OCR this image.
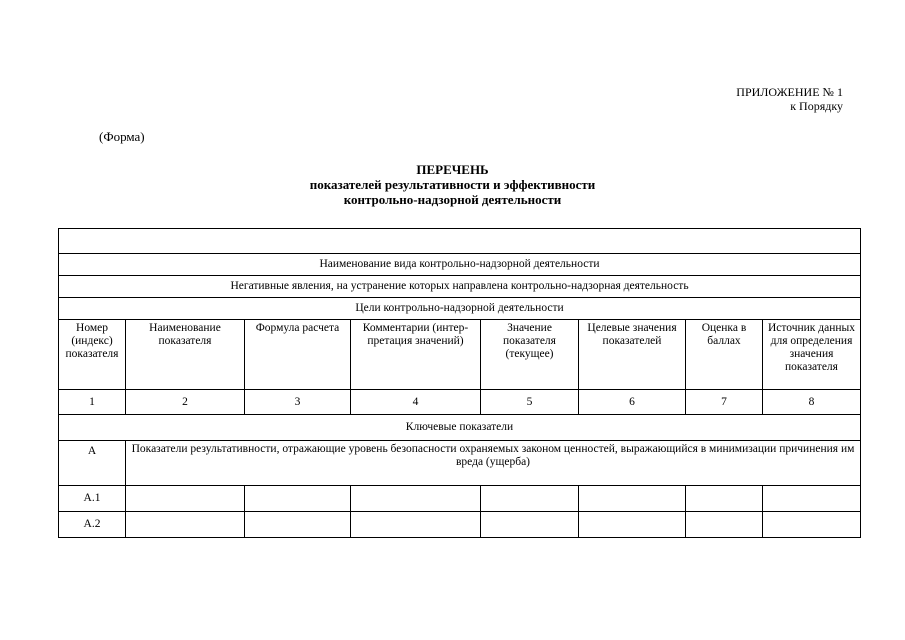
ПРИЛОЖЕНИЕ № 1
к Порядку
(Форма)
ПЕРЕЧЕНЬ
показателей результативности и эффективности
контрольно-надзорной деятельности

Наименование вида контрольно-надзорной деятельности							
Негативные явления, на устранение которых направлена контрольно-надзорная деятельность							
Цели контрольно-надзорной деятельности							
Номер (индекс) показателя	Наименование показателя	Формула расчета	Комментарии (интер-претация значений)	Значение показателя (текущее)	Целевые значения показателей	Оценка в баллах	Источник данных для определения значения показателя
1	2	3	4	5	6	7	8
Ключевые показатели							
А	Показатели результативности, отражающие уровень безопасности охраняемых законом ценностей, выражающийся в минимизации причинения им вреда (ущерба)						
А.1							
А.2							
